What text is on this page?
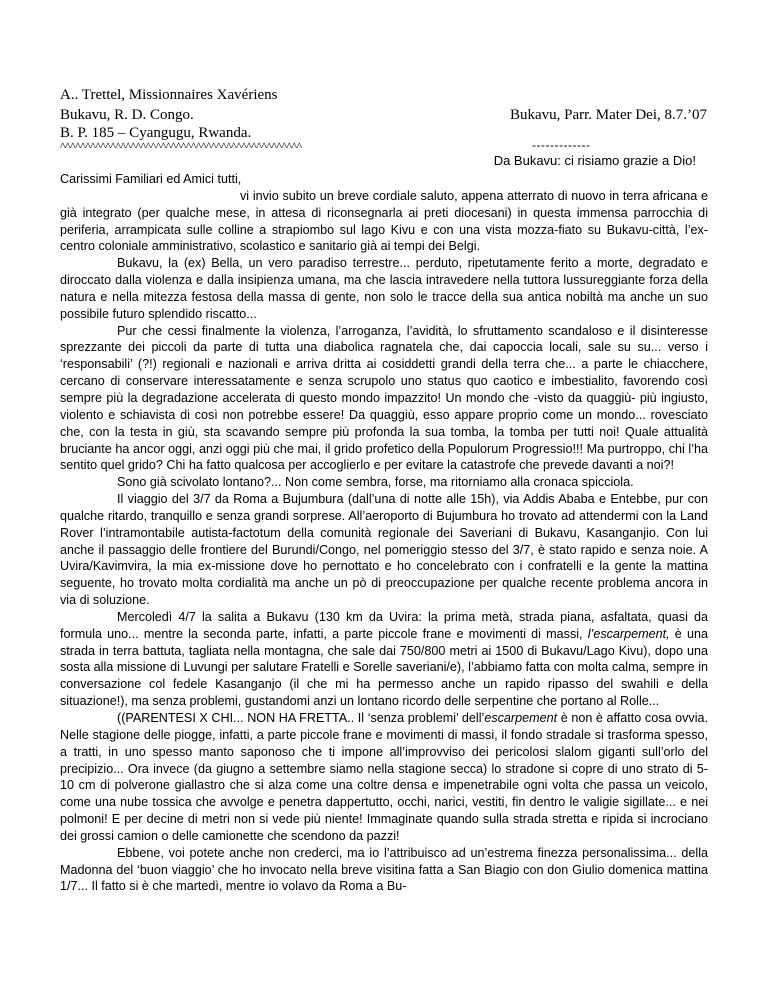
A.. Trettel, Missionnaires Xavériens
Bukavu, R. D. Congo.
B. P. 185 – Cyangugu, Rwanda.
Bukavu, Parr. Mater Dei, 8.7.’07
^^^^^^^^^^^^^^^^^^^^^^^^^^^^^^^^^^^^^^^^^^^^^^^^	-------------
Da Bukavu: ci risiamo grazie a Dio!

Carissimi Familiari ed Amici tutti,

vi invio subito un breve cordiale saluto, appena atterrato di nuovo in terra africana e già integrato (per qualche mese, in attesa di riconsegnarla ai preti diocesani) in questa immensa parrocchia di periferia, arrampicata sulle colline a strapiombo sul lago Kivu e con una vista mozza-fiato su Bukavu-città, l’ex-centro coloniale amministrativo, scolastico e sanitario già ai tempi dei Belgi.

Bukavu, la (ex) Bella, un vero paradiso terrestre... perduto, ripetutamente ferito a morte, degradato e diroccato dalla violenza e dalla insipienza umana, ma che lascia intravedere nella tuttora lussureggiante forza della natura e nella mitezza festosa della massa di gente, non solo le tracce della sua antica nobiltà ma anche un suo possibile futuro splendido riscatto...

Pur che cessi finalmente la violenza, l’arroganza, l’avidità, lo sfruttamento scandaloso e il disinteresse sprezzante dei piccoli da parte di tutta una diabolica ragnatela che, dai capoccia locali, sale su su... verso i ‘responsabili’ (?!) regionali e nazionali e arriva dritta ai cosiddetti grandi della terra che... a parte le chiacchere, cercano di conservare interessatamente e senza scrupolo uno status quo caotico e imbestialito, favorendo così sempre più la degradazione accelerata di questo mondo impazzito! Un mondo che -visto da quaggiù- più ingiusto, violento e schiavista di così non potrebbe essere! Da quaggiù, esso appare proprio come un mondo... rovesciato che, con la testa in giù, sta scavando sempre più profonda la sua tomba, la tomba per tutti noi! Quale attualità bruciante ha ancor oggi, anzi oggi più che mai, il grido profetico della Populorum Progressio!!! Ma purtroppo, chi l’ha sentito quel grido? Chi ha fatto qualcosa per accoglierlo e per evitare la catastrofe che prevede davanti a noi?!

Sono già scivolato lontano?... Non come sembra, forse, ma ritorniamo alla cronaca spicciola.

Il viaggio del 3/7 da Roma a Bujumbura (dall’una di notte alle 15h), via Addis Ababa e Entebbe, pur con qualche ritardo, tranquillo e senza grandi sorprese. All’aeroporto di Bujumbura ho trovato ad attendermi con la Land Rover l’intramontabile autista-factotum della comunità regionale dei Saveriani di Bukavu, Kasanganjio. Con lui anche il passaggio delle frontiere del Burundi/Congo, nel pomeriggio stesso del 3/7, è stato rapido e senza noie. A Uvira/Kavimvira, la mia ex-missione dove ho pernottato e ho concelebrato con i confratelli e la gente la mattina seguente, ho trovato molta cordialità ma anche un pò di preoccupazione per qualche recente problema ancora in via di soluzione.

Mercoledì 4/7 la salita a Bukavu (130 km da Uvira: la prima metà, strada piana, asfaltata, quasi da formula uno... mentre la seconda parte, infatti, a parte piccole frane e movimenti di massi, l’escarpement, è una strada in terra battuta, tagliata nella montagna, che sale dai 750/800 metri ai 1500 di Bukavu/Lago Kivu), dopo una sosta alla missione di Luvungi per salutare Fratelli e Sorelle saveriani/e), l’abbiamo fatta con molta calma, sempre in conversazione col fedele Kasanganjo (il che mi ha permesso anche un rapido ripasso del swahili e della situazione!), ma senza problemi, gustandomi anzi un lontano ricordo delle serpentine che portano al Rolle...

((PARENTESI X CHI... NON HA FRETTA.. Il ‘senza problemi’ dell’escarpement è non è affatto cosa ovvia. Nelle stagione delle piogge, infatti, a parte piccole frane e movimenti di massi, il fondo stradale si trasforma spesso, a tratti, in uno spesso manto saponoso che ti impone all’improvviso dei pericolosi slalom giganti sull’orlo del precipizio... Ora invece (da giugno a settembre siamo nella stagione secca) lo stradone si copre di uno strato di 5-10 cm di polverone giallastro che si alza come una coltre densa e impenetrabile ogni volta che passa un veicolo, come una nube tossica che avvolge e penetra dappertutto, occhi, narici, vestiti, fin dentro le valigie sigillate... e nei polmoni! E per decine di metri non si vede più niente! Immaginate quando sulla strada stretta e ripida si incrociano dei grossi camion o delle camionette che scendono da pazzi!

Ebbene, voi potete anche non crederci, ma io l’attribuisco ad un’estrema finezza personalissima... della Madonna del ‘buon viaggio’ che ho invocato nella breve visitina fatta a San Biagio con don Giulio domenica mattina 1/7... Il fatto si è che martedì, mentre io volavo da Roma a Bu-
